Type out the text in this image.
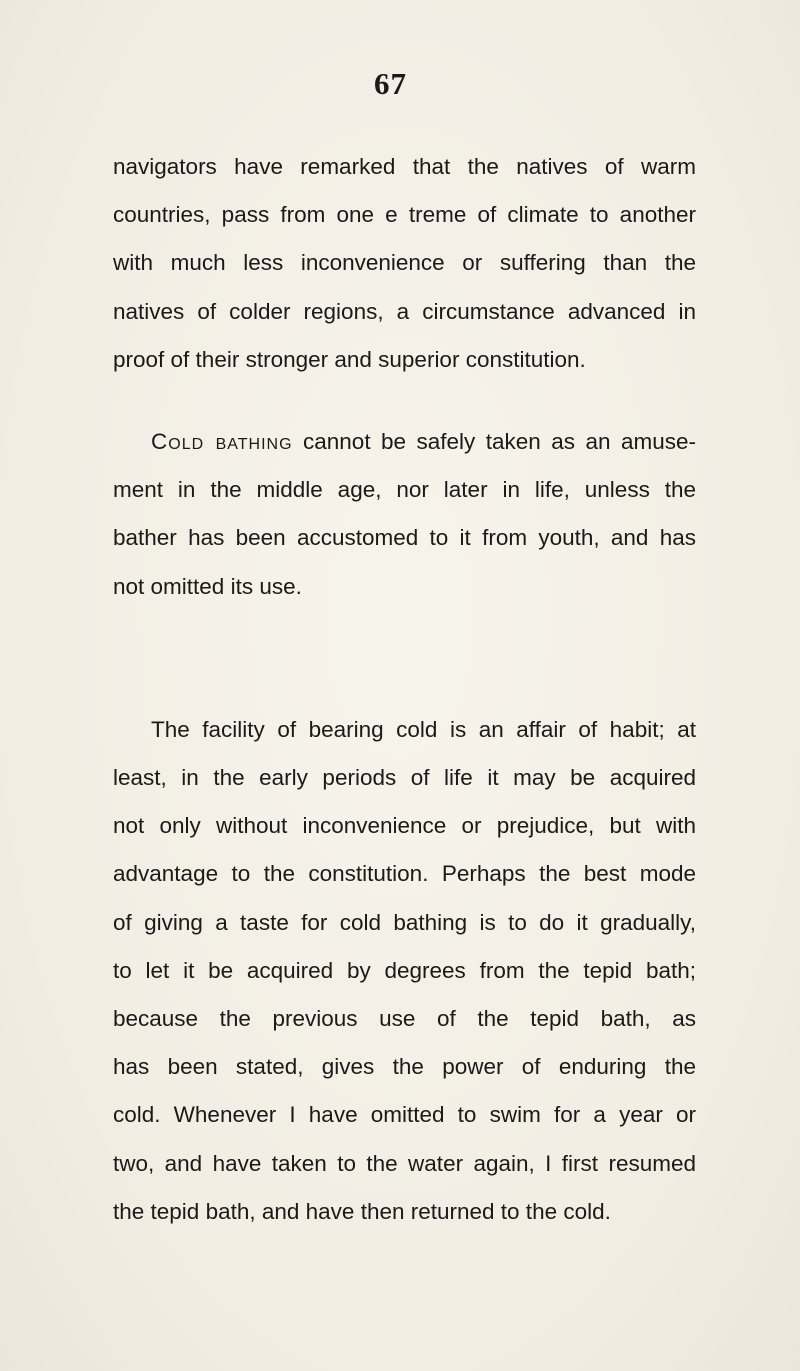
67

navigators have remarked that the natives of warm
countries, pass from one e treme of climate to another
with much less inconvenience or suffering than the
natives of colder regions, a circumstance advanced in
proof of their stronger and superior constitution.

Cold bathing cannot be safely taken as an amuse-
ment in the middle age, nor later in life, unless the
bather has been accustomed to it from youth, and has
not omitted its use.

The facility of bearing cold is an affair of habit; at
least, in the early periods of life it may be acquired
not only without inconvenience or prejudice, but with
advantage to the constitution. Perhaps the best mode
of giving a taste for cold bathing is to do it gradually,
to let it be acquired by degrees from the tepid bath;
because the previous use of the tepid bath, as
has been stated, gives the power of enduring the
cold. Whenever I have omitted to swim for a year or
two, and have taken to the water again, I first resumed
the tepid bath, and have then returned to the cold.
